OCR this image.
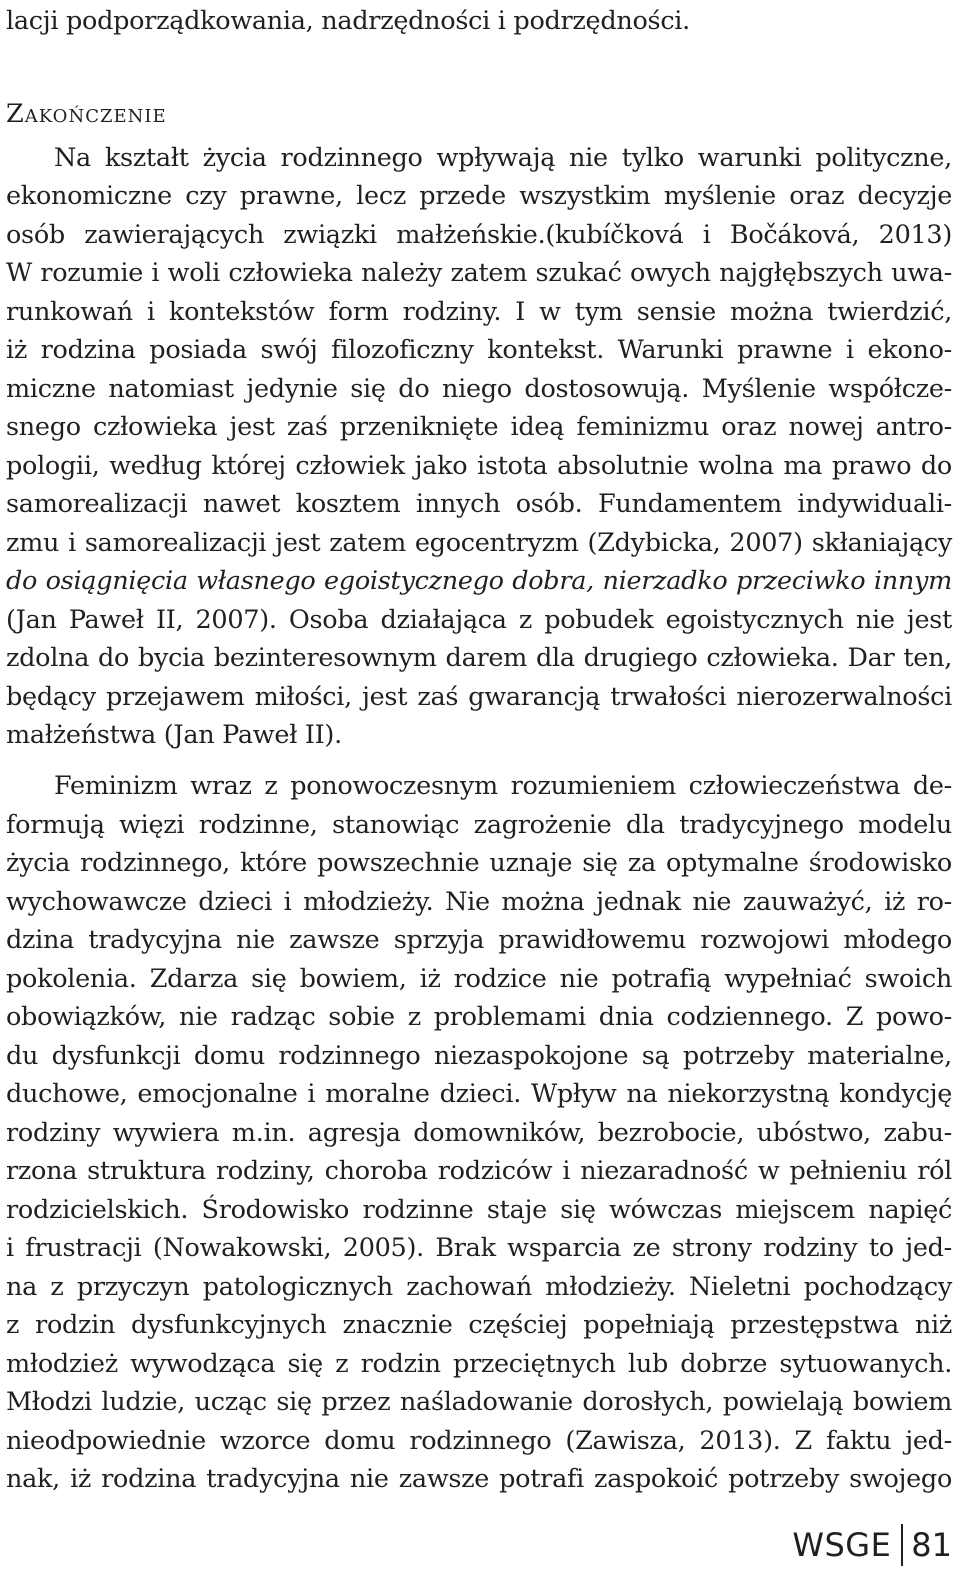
lacji podporządkowania, nadrzędności i podrzędności.
Zakończenie
Na kształt życia rodzinnego wpływają nie tylko warunki polityczne,
ekonomiczne czy prawne, lecz przede wszystkim myślenie oraz decyzje
osób zawierających związki małżeńskie.(kubíčková i Bočáková, 2013)
W rozumie i woli człowieka należy zatem szukać owych najgłębszych uwa-
runkowań i kontekstów form rodziny. I w tym sensie można twierdzić,
iż rodzina posiada swój filozoficzny kontekst. Warunki prawne i ekono-
miczne natomiast jedynie się do niego dostosowują. Myślenie współcze-
snego człowieka jest zaś przeniknięte ideą feminizmu oraz nowej antro-
pologii, według której człowiek jako istota absolutnie wolna ma prawo do
samorealizacji nawet kosztem innych osób. Fundamentem indywiduali-
zmu i samorealizacji jest zatem egocentryzm (Zdybicka, 2007) skłaniający
do osiągnięcia własnego egoistycznego dobra, nierzadko przeciwko innym
(Jan Paweł II, 2007). Osoba działająca z pobudek egoistycznych nie jest
zdolna do bycia bezinteresownym darem dla drugiego człowieka. Dar ten,
będący przejawem miłości, jest zaś gwarancją trwałości nierozerwalności
małżeństwa (Jan Paweł II).
Feminizm wraz z ponowoczesnym rozumieniem człowieczeństwa de-
formują więzi rodzinne, stanowiąc zagrożenie dla tradycyjnego modelu
życia rodzinnego, które powszechnie uznaje się za optymalne środowisko
wychowawcze dzieci i młodzieży. Nie można jednak nie zauważyć, iż ro-
dzina tradycyjna nie zawsze sprzyja prawidłowemu rozwojowi młodego
pokolenia. Zdarza się bowiem, iż rodzice nie potrafią wypełniać swoich
obowiązków, nie radząc sobie z problemami dnia codziennego. Z powo-
du dysfunkcji domu rodzinnego niezaspokojone są potrzeby materialne,
duchowe, emocjonalne i moralne dzieci. Wpływ na niekorzystną kondycję
rodziny wywiera m.in. agresja domowników, bezrobocie, ubóstwo, zabu-
rzona struktura rodziny, choroba rodziców i niezaradność w pełnieniu ról
rodzicielskich. Środowisko rodzinne staje się wówczas miejscem napięć
i frustracji (Nowakowski, 2005). Brak wsparcia ze strony rodziny to jed-
na z przyczyn patologicznych zachowań młodzieży. Nieletni pochodzący
z rodzin dysfunkcyjnych znacznie częściej popełniają przestępstwa niż
młodzież wywodząca się z rodzin przeciętnych lub dobrze sytuowanych.
Młodzi ludzie, ucząc się przez naśladowanie dorosłych, powielają bowiem
nieodpowiednie wzorce domu rodzinnego (Zawisza, 2013). Z faktu jed-
nak, iż rodzina tradycyjna nie zawsze potrafi zaspokoić potrzeby swojego
WSGE 81
